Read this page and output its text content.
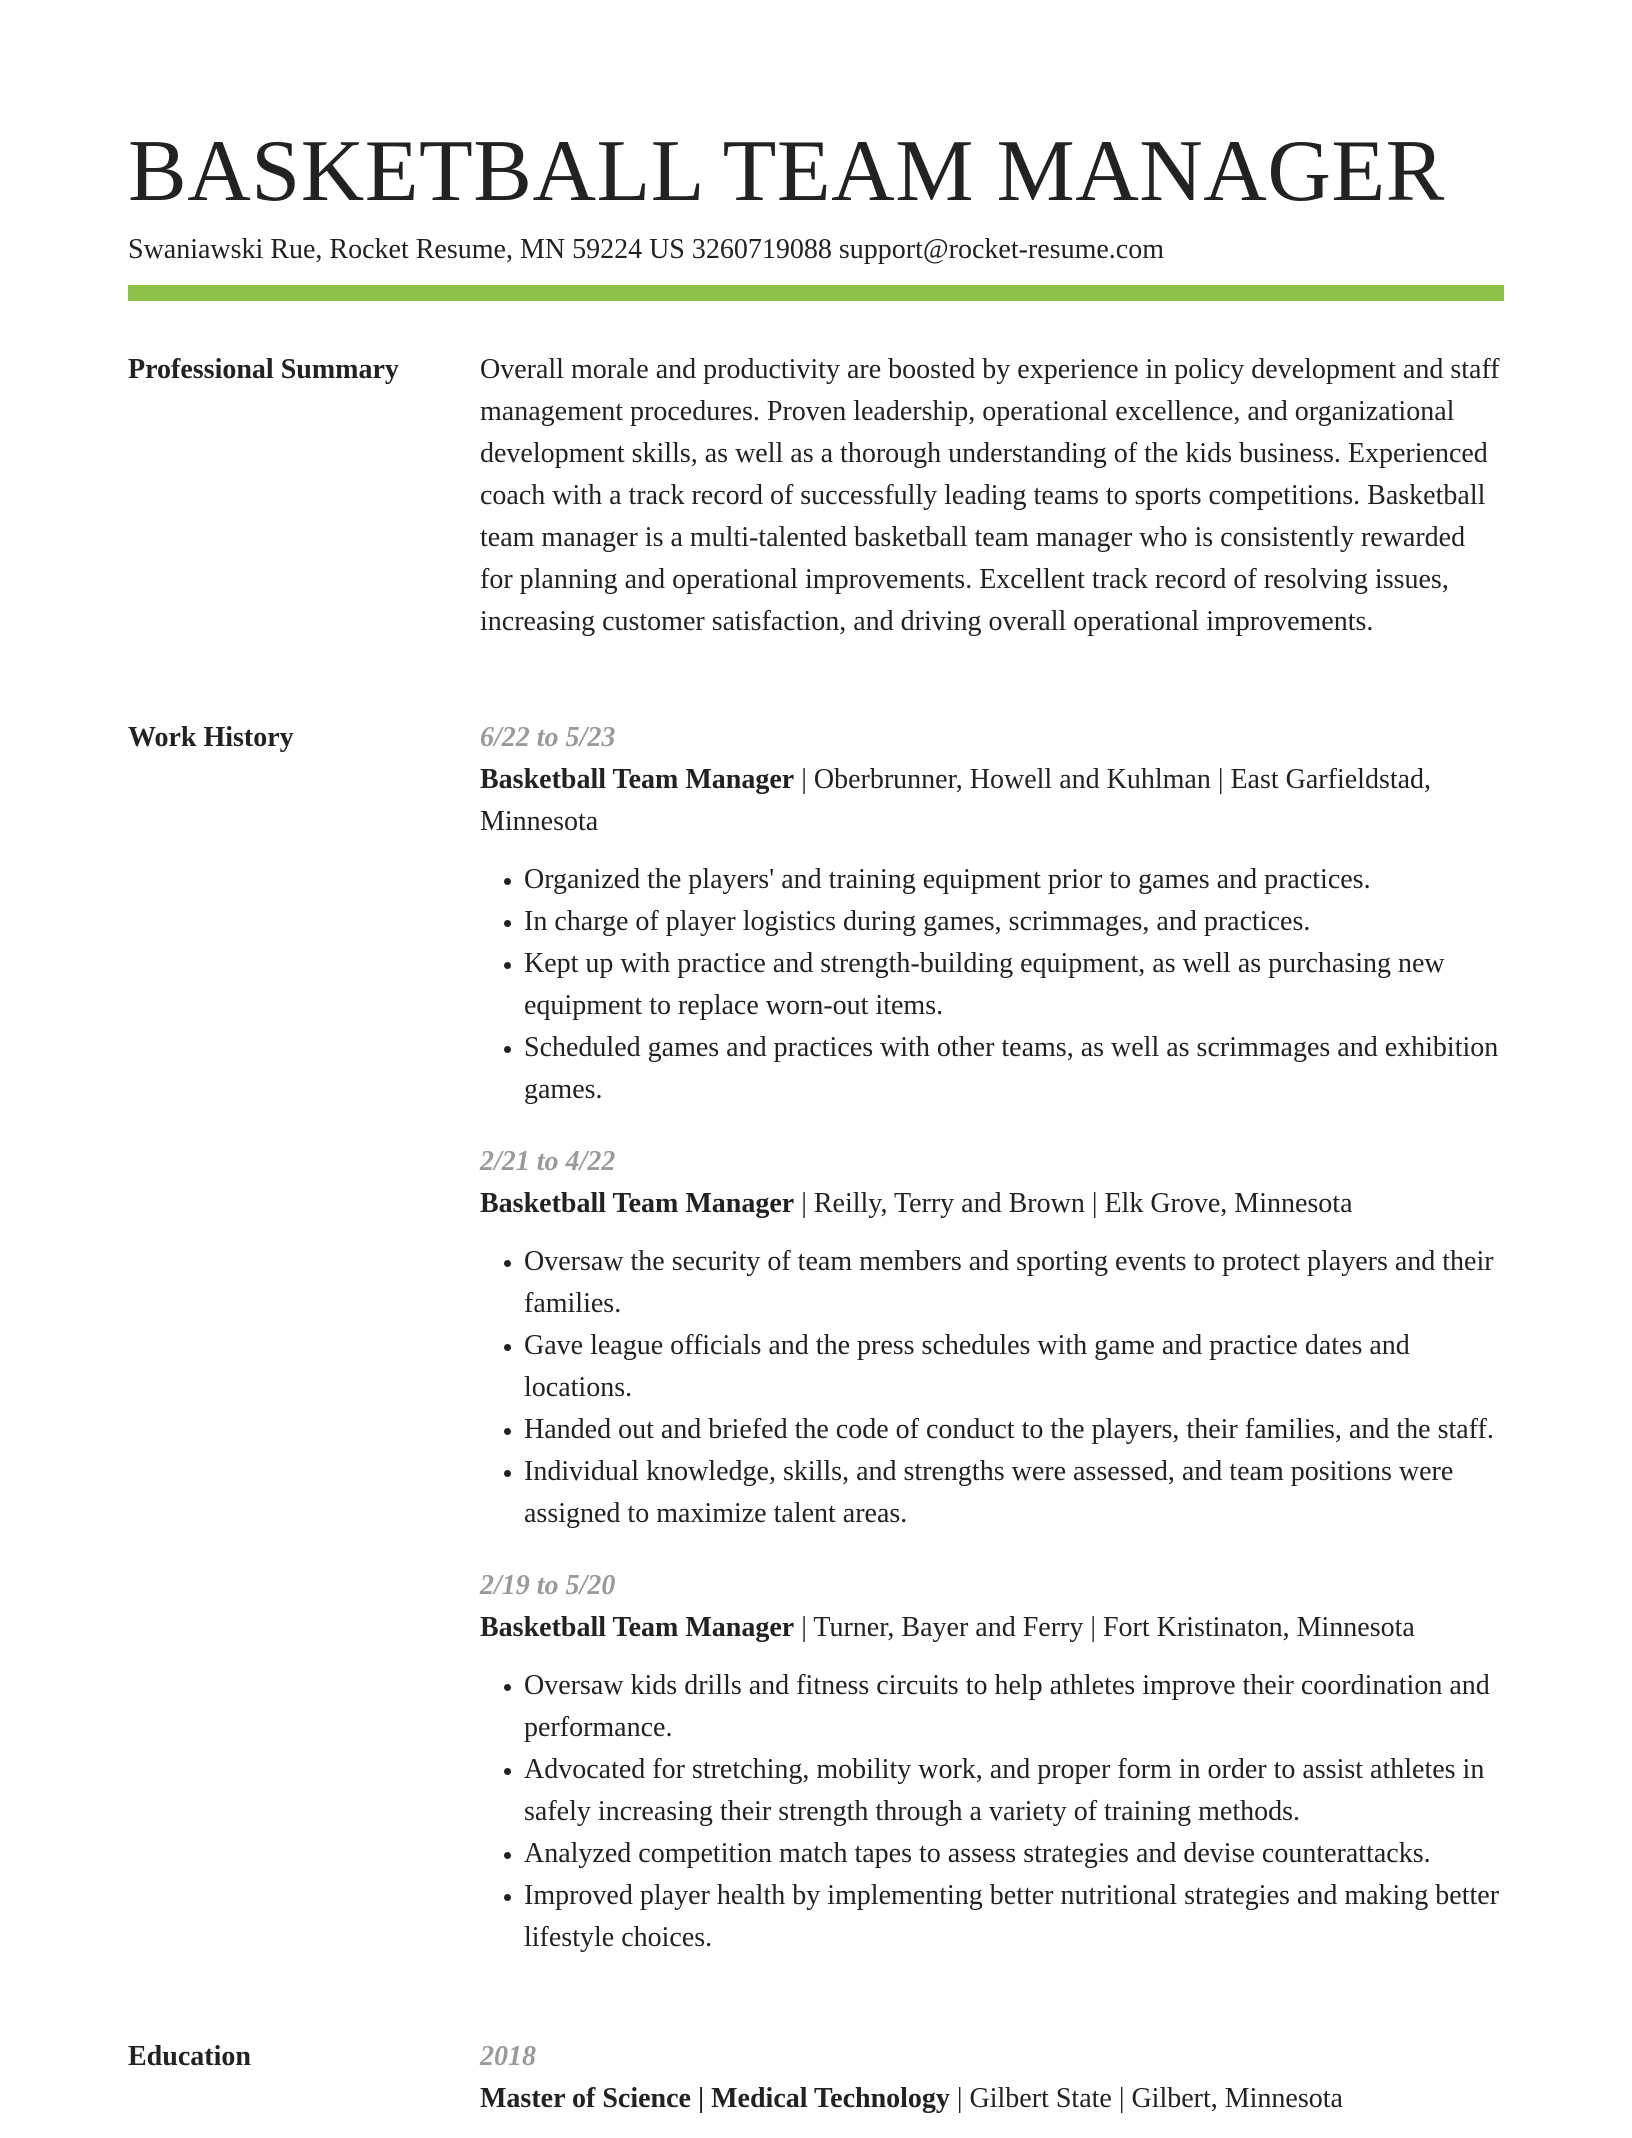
BASKETBALL TEAM MANAGER
Swaniawski Rue, Rocket Resume, MN 59224 US 3260719088 support@rocket-resume.com
Professional Summary	Overall morale and productivity are boosted by experience in policy development and staff management procedures. Proven leadership, operational excellence, and organizational development skills, as well as a thorough understanding of the kids business. Experienced coach with a track record of successfully leading teams to sports competitions. Basketball team manager is a multi-talented basketball team manager who is consistently rewarded for planning and operational improvements. Excellent track record of resolving issues, increasing customer satisfaction, and driving overall operational improvements.

Work History	6/22 to 5/23

Basketball Team Manager | Oberbrunner, Howell and Kuhlman | East Garfieldstad, Minnesota

• Organized the players' and training equipment prior to games and practices.
• In charge of player logistics during games, scrimmages, and practices.
• Kept up with practice and strength-building equipment, as well as purchasing new equipment to replace worn-out items.
• Scheduled games and practices with other teams, as well as scrimmages and exhibition games.

2/21 to 4/22

Basketball Team Manager | Reilly, Terry and Brown | Elk Grove, Minnesota

• Oversaw the security of team members and sporting events to protect players and their families.
• Gave league officials and the press schedules with game and practice dates and locations.
• Handed out and briefed the code of conduct to the players, their families, and the staff.
• Individual knowledge, skills, and strengths were assessed, and team positions were assigned to maximize talent areas.

2/19 to 5/20

Basketball Team Manager | Turner, Bayer and Ferry | Fort Kristinaton, Minnesota

• Oversaw kids drills and fitness circuits to help athletes improve their coordination and performance.
• Advocated for stretching, mobility work, and proper form in order to assist athletes in safely increasing their strength through a variety of training methods.
• Analyzed competition match tapes to assess strategies and devise counterattacks.
• Improved player health by implementing better nutritional strategies and making better lifestyle choices.
Education	2018

Master of Science | Medical Technology | Gilbert State | Gilbert, Minnesota
